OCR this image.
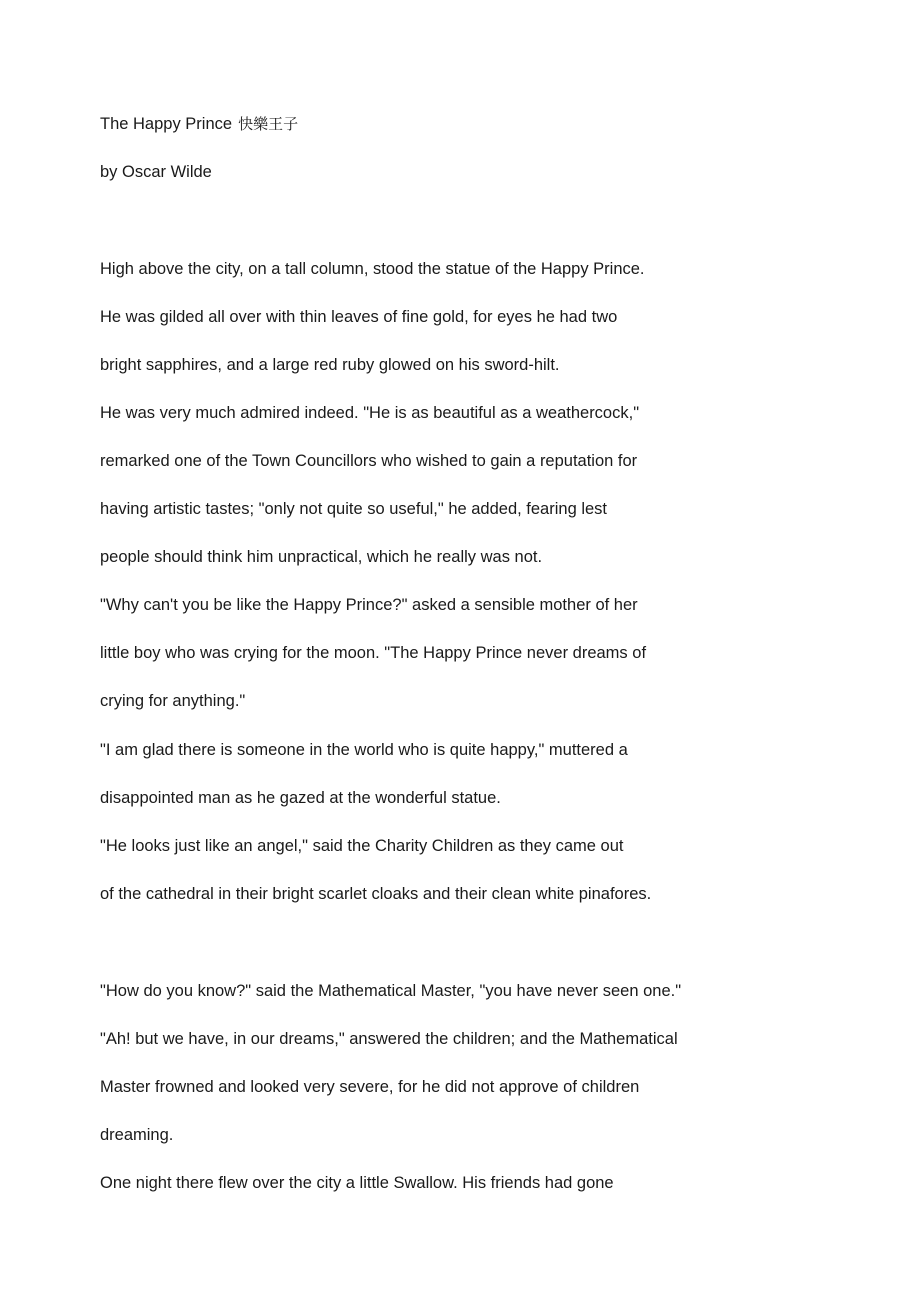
The Happy Prince 快樂王子
by Oscar Wilde
High above the city, on a tall column, stood the statue of the Happy Prince.
He was gilded all over with thin leaves of fine gold, for eyes he had two
bright sapphires, and a large red ruby glowed on his sword-hilt.
He was very much admired indeed. "He is as beautiful as a weathercock,"
remarked one of the Town Councillors who wished to gain a reputation for
having artistic tastes; "only not quite so useful," he added, fearing lest
people should think him unpractical, which he really was not.
"Why can't you be like the Happy Prince?" asked a sensible mother of her
little boy who was crying for the moon. "The Happy Prince never dreams of
crying for anything."
"I am glad there is someone in the world who is quite happy," muttered a
disappointed man as he gazed at the wonderful statue.
"He looks just like an angel," said the Charity Children as they came out
of the cathedral in their bright scarlet cloaks and their clean white pinafores.
"How do you know?" said the Mathematical Master, "you have never seen one."
"Ah! but we have, in our dreams," answered the children; and the Mathematical
Master frowned and looked very severe, for he did not approve of children
dreaming.
One night there flew over the city a little Swallow. His friends had gone
